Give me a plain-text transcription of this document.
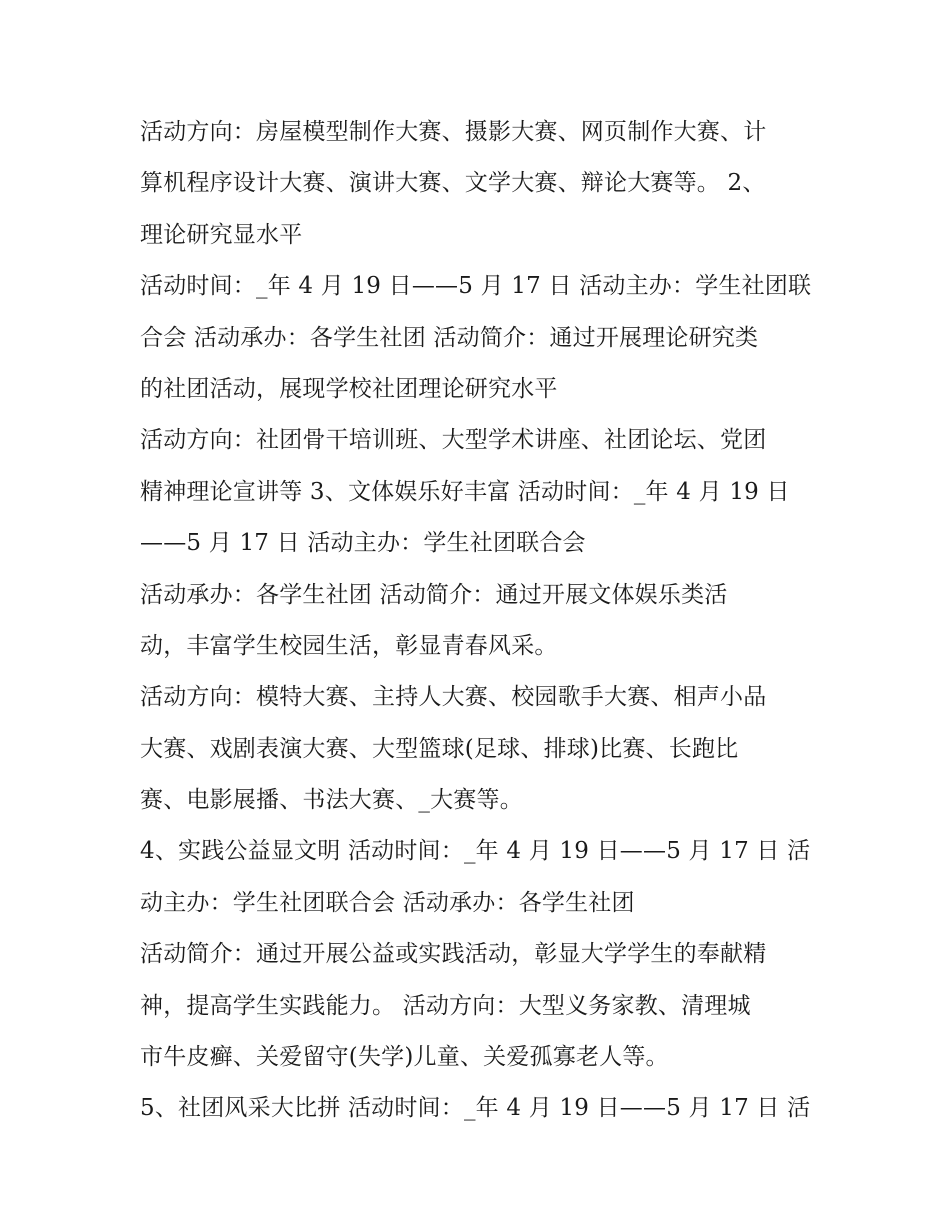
活动方向：房屋模型制作大赛、摄影大赛、网页制作大赛、计
算机程序设计大赛、演讲大赛、文学大赛、辩论大赛等。 2、
理论研究显水平
活动时间：_年 4 月 19 日——5 月 17 日 活动主办：学生社团联
合会 活动承办：各学生社团 活动简介：通过开展理论研究类
的社团活动，展现学校社团理论研究水平
活动方向：社团骨干培训班、大型学术讲座、社团论坛、党团
精神理论宣讲等 3、文体娱乐好丰富 活动时间：_年 4 月 19 日
——5 月 17 日 活动主办：学生社团联合会
活动承办：各学生社团 活动简介：通过开展文体娱乐类活
动，丰富学生校园生活，彰显青春风采。
活动方向：模特大赛、主持人大赛、校园歌手大赛、相声小品
大赛、戏剧表演大赛、大型篮球(足球、排球)比赛、长跑比
赛、电影展播、书法大赛、_大赛等。
4、实践公益显文明 活动时间：_年 4 月 19 日——5 月 17 日 活
动主办：学生社团联合会 活动承办：各学生社团
活动简介：通过开展公益或实践活动，彰显大学学生的奉献精
神，提高学生实践能力。 活动方向：大型义务家教、清理城
市牛皮癣、关爱留守(失学)儿童、关爱孤寡老人等。
5、社团风采大比拼 活动时间：_年 4 月 19 日——5 月 17 日 活
